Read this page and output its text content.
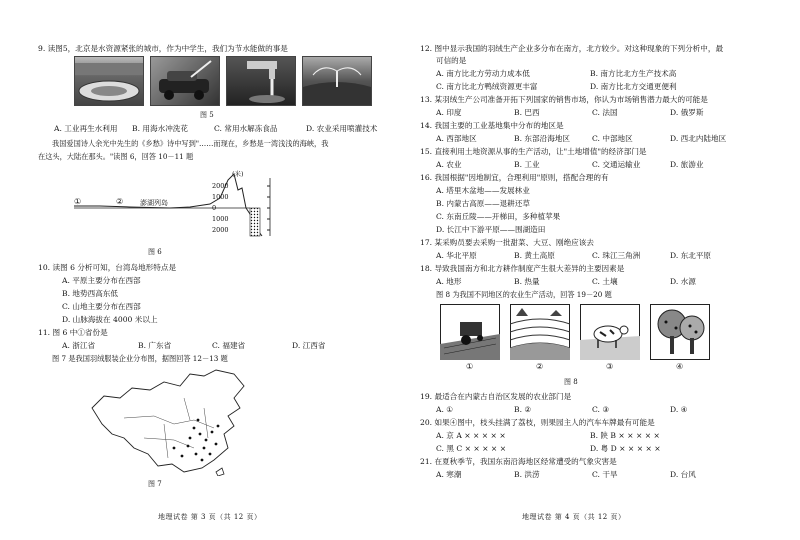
9. 读图5，北京是水资源紧张的城市，作为中学生，我们为节水能做的事是
图 5
A. 工业再生水利用	B. 用海水冲洗花	C. 常用水解冻食品	D. 农业采用喷灌技术
我国爱国诗人余光中先生的《乡愁》诗中写到"……而现在，乡愁是一湾浅浅的海峡，我
在这头，大陆在那头。"读图 6，回答 10－11 题
①	② 澎湖列岛
(米)
2000
1000
0
1000
2000
图 6
10. 读图 6 分析可知，台湾岛地形特点是
A. 平原主要分布在西部
B. 地势西高东低
C. 山地主要分布在西部
D. 山脉海拔在 4000 米以上
11. 图 6 中①省份是
A. 浙江省	B. 广东省	C. 福建省	D. 江西省
图 7 是我国羽绒服装企业分布图，据图回答 12－13 题
图 7
地理试卷 第 3 页（共 12 页）
12. 图中显示我国的羽绒生产企业多分布在南方，北方较少。对这种现象的下列分析中，最
可信的是
A. 南方比北方劳动力成本低	B. 南方比北方生产技术高
C. 南方比北方鸭绒资源更丰富	D. 南方比北方交通更便利
13. 某羽绒生产公司准备开拓下列国家的销售市场，你认为市场销售潜力最大的可能是
A. 印度	B. 巴西	C. 法国	D. 俄罗斯
14. 我国主要的工业基地集中分布的地区是
A. 西部地区	B. 东部沿海地区	C. 中部地区	D. 西北内陆地区
15. 直接利用土地资源从事的生产活动，让"土地增值"的经济部门是
A. 农业	B. 工业	C. 交通运输业	D. 旅游业
16. 我国根据"因地制宜，合理利用"原则，搭配合理的有
A. 塔里木盆地——发展林业
B. 内蒙古高原——退耕还草
C. 东南丘陵——开梯田，多种植苹果
D. 长江中下游平原——围湖造田
17. 某采购员要去采购一批甜菜、大豆、刚绝应该去
A. 华北平原	B. 黄土高原	C. 珠江三角洲	D. 东北平原
18. 导致我国南方和北方耕作制度产生很大差异的主要因素是
A. 地形	B. 热量	C. 土壤	D. 水源
图 8 为我国不同地区的农业生产活动，回答 19－20 题
①	②	③	④
图 8
19. 最适合在内蒙古自治区发展的农业部门是
A. ①	B. ②	C. ③	D. ④
20. 如果④图中，枝头挂满了荔枝，则果园主人的汽车车牌最有可能是
A. 京 A × × × × ×	B. 陕 B × × × × ×
C. 黑 C × × × × ×	D. 粤 D × × × × ×
21. 在夏秋季节，我国东南沿海地区经常遭受的气象灾害是
A. 寒潮	B. 洪涝	C. 干旱	D. 台风
地理试卷 第 4 页（共 12 页）
